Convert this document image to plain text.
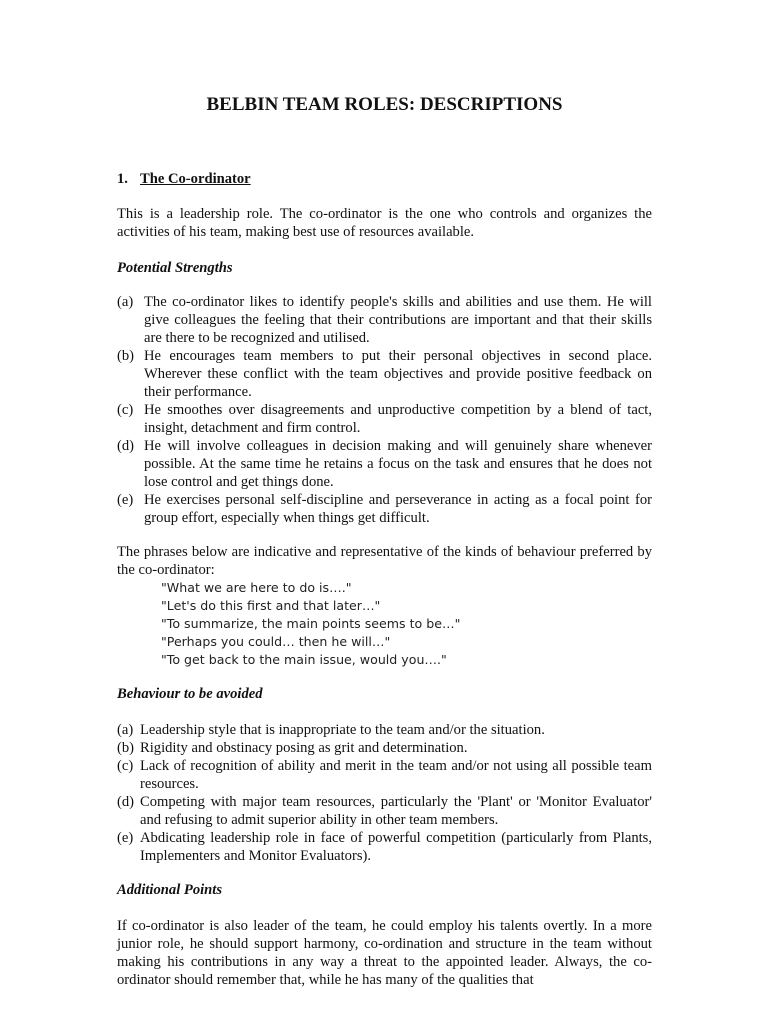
BELBIN TEAM ROLES: DESCRIPTIONS

1. The Co-ordinator

This is a leadership role. The co-ordinator is the one who controls and organizes the activities of his team, making best use of resources available.

Potential Strengths

(a) The co-ordinator likes to identify people's skills and abilities and use them. He will give colleagues the feeling that their contributions are important and that their skills are there to be recognized and utilised.
(b) He encourages team members to put their personal objectives in second place. Wherever these conflict with the team objectives and provide positive feedback on their performance.
(c) He smoothes over disagreements and unproductive competition by a blend of tact, insight, detachment and firm control.
(d) He will involve colleagues in decision making and will genuinely share whenever possible. At the same time he retains a focus on the task and ensures that he does not lose control and get things done.
(e) He exercises personal self-discipline and perseverance in acting as a focal point for group effort, especially when things get difficult.

The phrases below are indicative and representative of the kinds of behaviour preferred by the co-ordinator:

"What we are here to do is…."
"Let's do this first and that later…"
"To summarize, the main points seems to be…"
"Perhaps you could… then he will…"
"To get back to the main issue, would you…."

Behaviour to be avoided

(a) Leadership style that is inappropriate to the team and/or the situation.
(b) Rigidity and obstinacy posing as grit and determination.
(c) Lack of recognition of ability and merit in the team and/or not using all possible team resources.
(d) Competing with major team resources, particularly the 'Plant' or 'Monitor Evaluator' and refusing to admit superior ability in other team members.
(e) Abdicating leadership role in face of powerful competition (particularly from Plants, Implementers and Monitor Evaluators).

Additional Points

If co-ordinator is also leader of the team, he could employ his talents overtly. In a more junior role, he should support harmony, co-ordination and structure in the team without making his contributions in any way a threat to the appointed leader. Always, the co-ordinator should remember that, while he has many of the qualities that
